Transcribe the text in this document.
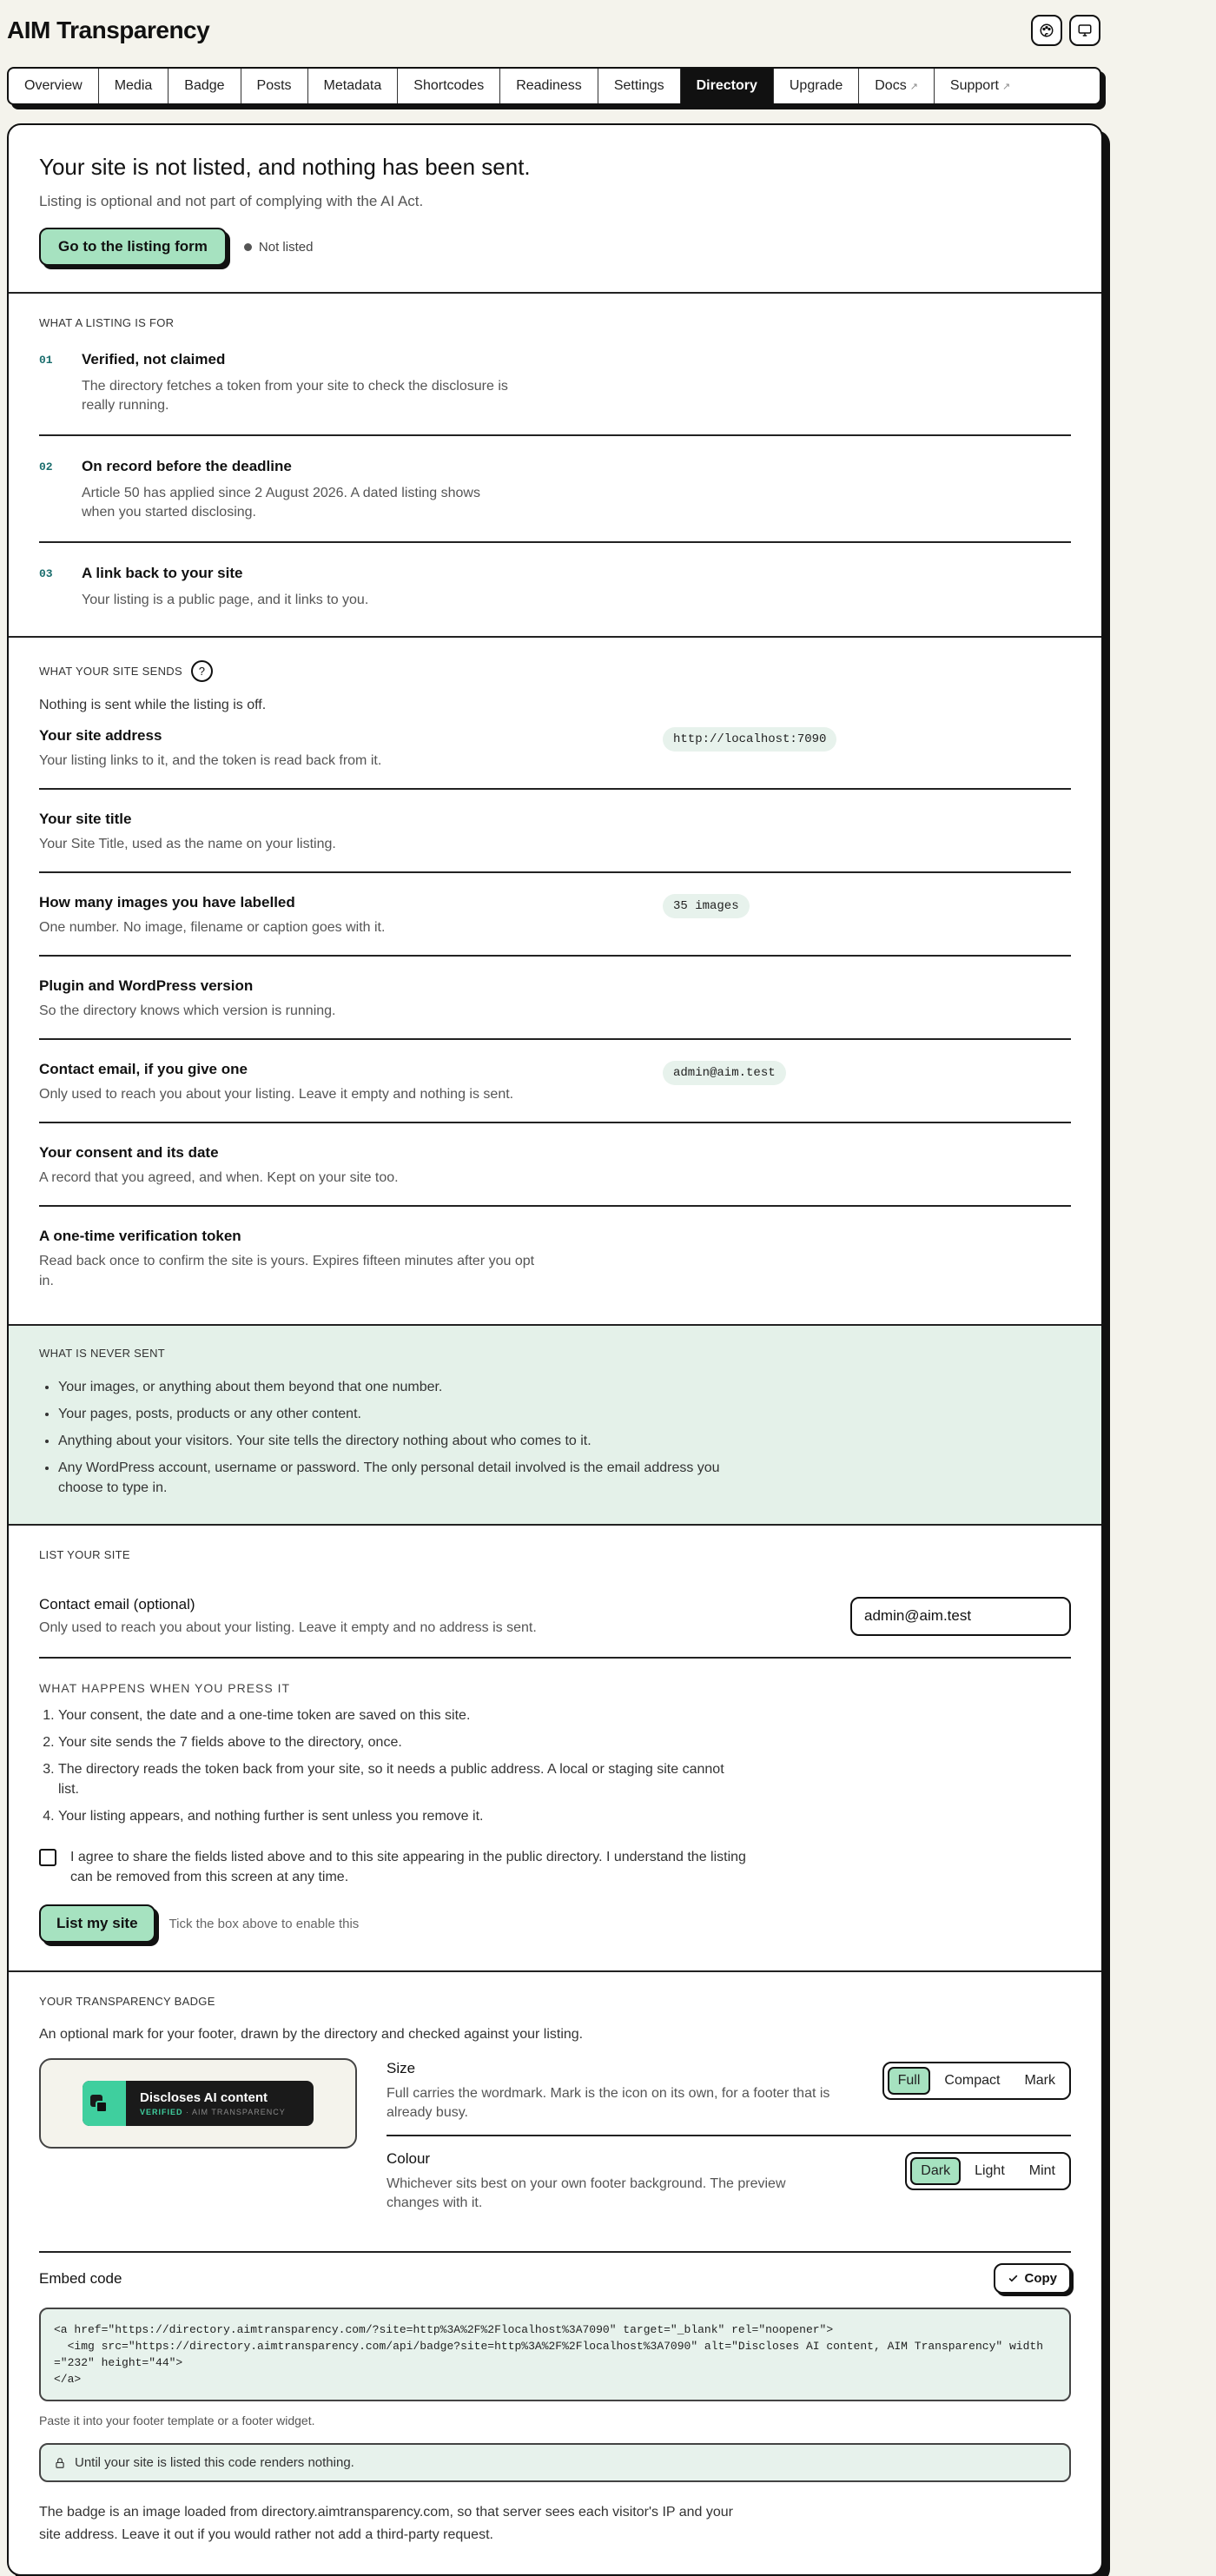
AIM Transparency
Overview Media Badge Posts Metadata Shortcodes Readiness Settings Directory Upgrade Docs ↗ Support ↗
Your site is not listed, and nothing has been sent.

Listing is optional and not part of complying with the AI Act.

Go to the listing form	Not listed
WHAT A LISTING IS FOR
01 Verified, not claimed
The directory fetches a token from your site to check the disclosure is really running.
02 On record before the deadline
Article 50 has applied since 2 August 2026. A dated listing shows when you started disclosing.
03 A link back to your site
Your listing is a public page, and it links to you.
WHAT YOUR SITE SENDS	?

Nothing is sent while the listing is off.

Your site address
Your listing links to it, and the token is read back from it.
http://localhost:7090
Your site title
Your Site Title, used as the name on your listing.
How many images you have labelled
One number. No image, filename or caption goes with it.
35 images
Plugin and WordPress version
So the directory knows which version is running.
Contact email, if you give one
Only used to reach you about your listing. Leave it empty and nothing is sent.
admin@aim.test
Your consent and its date
A record that you agreed, and when. Kept on your site too.
A one-time verification token
Read back once to confirm the site is yours. Expires fifteen minutes after you opt in.
WHAT IS NEVER SENT
• Your images, or anything about them beyond that one number.
• Your pages, posts, products or any other content.
• Anything about your visitors. Your site tells the directory nothing about who comes to it.
• Any WordPress account, username or password. The only personal detail involved is the email address you choose to type in.
LIST YOUR SITE
Contact email (optional)
Only used to reach you about your listing. Leave it empty and no address is sent.
admin@aim.test
WHAT HAPPENS WHEN YOU PRESS IT
1. Your consent, the date and a one-time token are saved on this site.
2. Your site sends the 7 fields above to the directory, once.
3. The directory reads the token back from your site, so it needs a public address. A local or staging site cannot list.
4. Your listing appears, and nothing further is sent unless you remove it.
I agree to share the fields listed above and to this site appearing in the public directory. I understand the listing can be removed from this screen at any time.
List my site	Tick the box above to enable this
YOUR TRANSPARENCY BADGE

An optional mark for your footer, drawn by the directory and checked against your listing.

Discloses AI content
VERIFIED · AIM TRANSPARENCY
Size
Full carries the wordmark. Mark is the icon on its own, for a footer that is already busy.
Full	Compact	Mark
Colour
Whichever sits best on your own footer background. The preview changes with it.
Dark	Light	Mint
Embed code	Copy
<a href="https://directory.aimtransparency.com/?site=http%3A%2F%2Flocalhost%3A7090" target="_blank" rel="noopener">
<img src="https://directory.aimtransparency.com/api/badge?site=http%3A%2F%2Flocalhost%3A7090" alt="Discloses AI content, AIM Transparency" width="232" height="44">
</a>

Paste it into your footer template or a footer widget.

Until your site is listed this code renders nothing.

The badge is an image loaded from directory.aimtransparency.com, so that server sees each visitor's IP and your site address. Leave it out if you would rather not add a third-party request.
